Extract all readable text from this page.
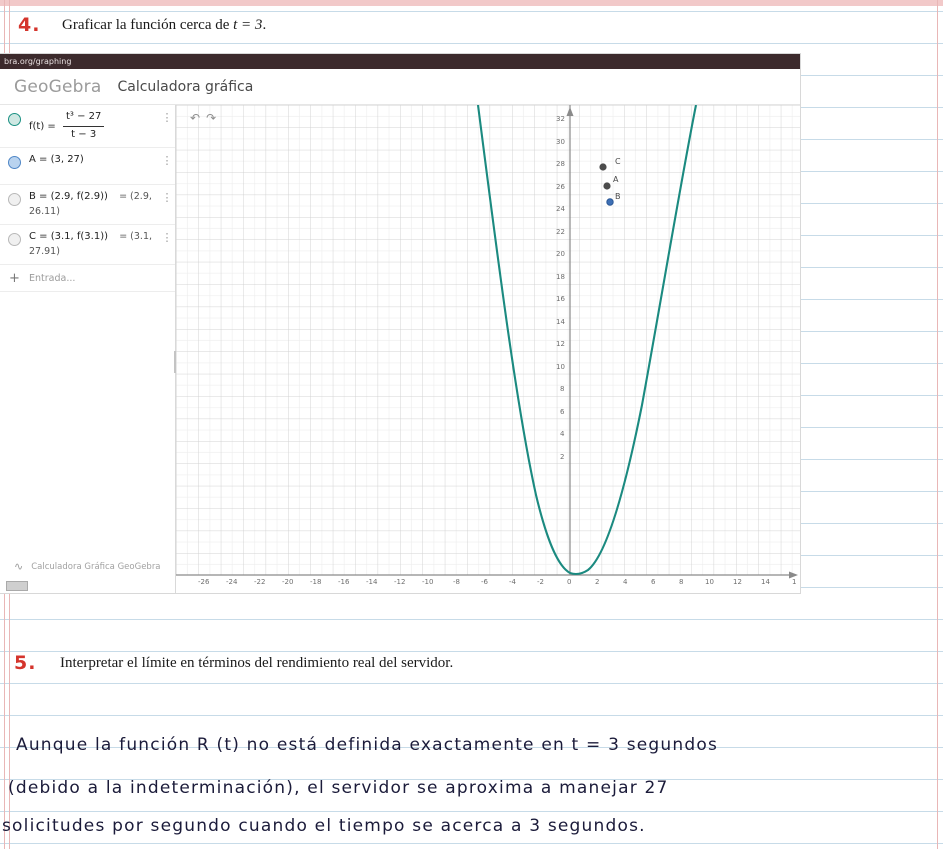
4. Graficar la función cerca de t = 3.
bra.org/graphing
GeoGebra Calculadora gráfica
$f(t) = \frac{\text{t³ − 27}}{t - 3}$	⋮
A = (3, 27)	⋮
B = (2.9, f(2.9)) = (2.9, 26.11)
⋮
C = (3.1, f(3.1)) = (3.1, 27.91)
⋮
+ Entrada...
∿ Calculadora Gráfica GeoGebra
↶↷
C
A
B
32
30
28
26
24
22
20
18
16
14
12
10
8
6
4
2
-26 -24 -22 -20 -18 -16 -14 -12 -10	-8	-6	-4	-2	0	2	4	6	8	10	12	14	1
5. Interpretar el límite en términos del rendimiento real del servidor.
Aunque la función R (t) no está definida exactamente en t = 3 segundos
(debido a la indeterminación), el servidor se aproxima a manejar 27
solicitudes por segundo cuando el tiempo se acerca a 3 segundos.
